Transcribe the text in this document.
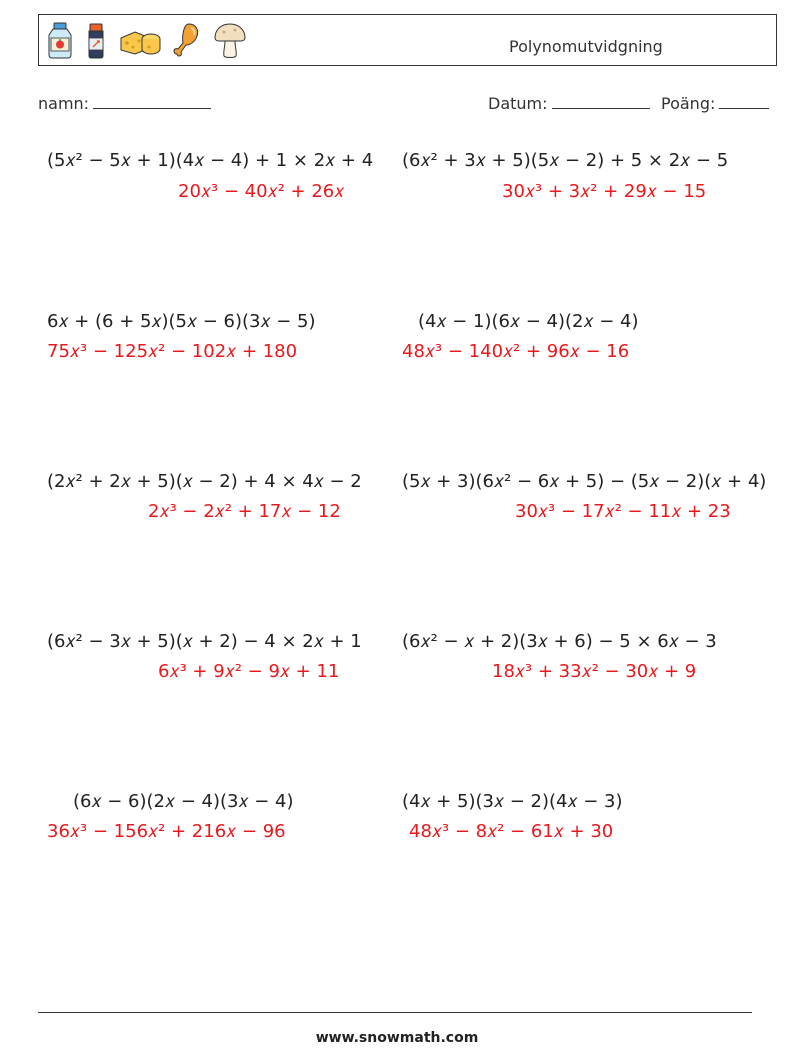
Polynomutvidgning
namn:	Datum:	Poäng:
(5𝑥² − 5𝑥 + 1)(4𝑥 − 4) + 1 × 2𝑥 + 4
20𝑥³ − 40𝑥² + 26𝑥
(6𝑥² + 3𝑥 + 5)(5𝑥 − 2) + 5 × 2𝑥 − 5
30𝑥³ + 3𝑥² + 29𝑥 − 15
6𝑥 + (6 + 5𝑥)(5𝑥 − 6)(3𝑥 − 5)
75𝑥³ − 125𝑥² − 102𝑥 + 180
(4𝑥 − 1)(6𝑥 − 4)(2𝑥 − 4)
48𝑥³ − 140𝑥² + 96𝑥 − 16
(2𝑥² + 2𝑥 + 5)(𝑥 − 2) + 4 × 4𝑥 − 2
2𝑥³ − 2𝑥² + 17𝑥 − 12
(5𝑥 + 3)(6𝑥² − 6𝑥 + 5) − (5𝑥 − 2)(𝑥 + 4)
30𝑥³ − 17𝑥² − 11𝑥 + 23
(6𝑥² − 3𝑥 + 5)(𝑥 + 2) − 4 × 2𝑥 + 1
6𝑥³ + 9𝑥² − 9𝑥 + 11
(6𝑥² − 𝑥 + 2)(3𝑥 + 6) − 5 × 6𝑥 − 3
18𝑥³ + 33𝑥² − 30𝑥 + 9
(6𝑥 − 6)(2𝑥 − 4)(3𝑥 − 4)
36𝑥³ − 156𝑥² + 216𝑥 − 96
(4𝑥 + 5)(3𝑥 − 2)(4𝑥 − 3)
48𝑥³ − 8𝑥² − 61𝑥 + 30
www.snowmath.com
